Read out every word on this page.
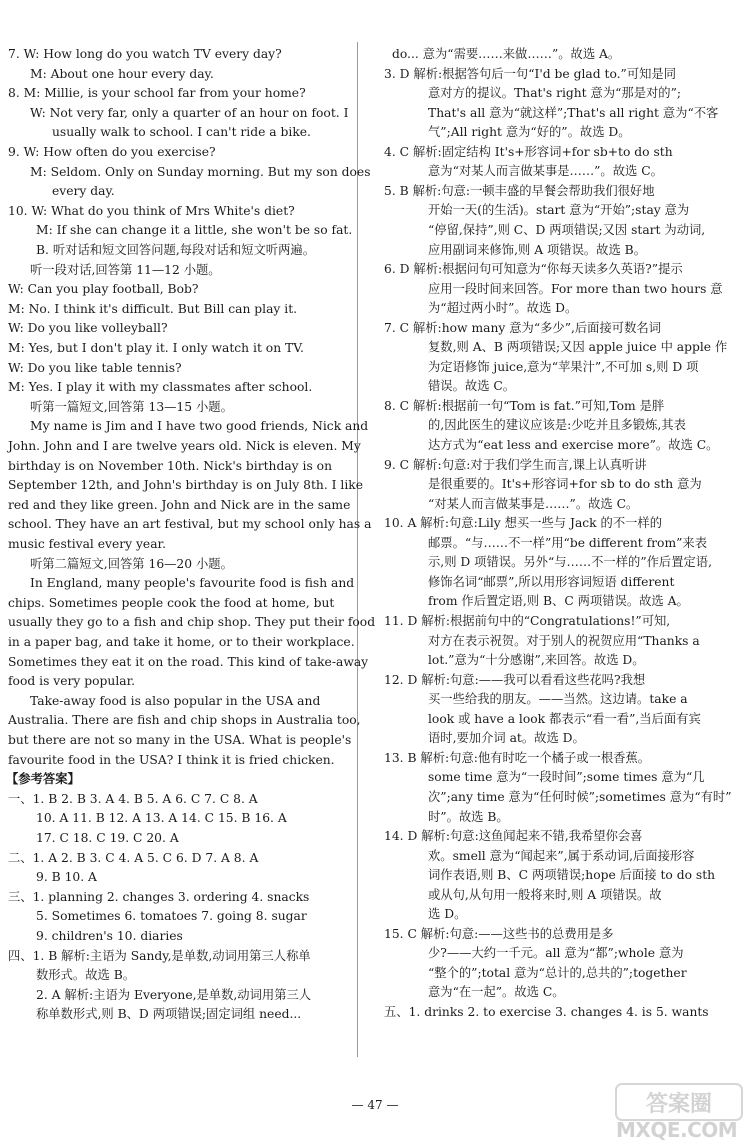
7. W: How long do you watch TV every day?
M: About one hour every day.
8. M: Millie, is your school far from your home?
W: Not very far, only a quarter of an hour on foot. I
usually walk to school. I can't ride a bike.
9. W: How often do you exercise?
M: Seldom. Only on Sunday morning. But my son does
every day.
10. W: What do you think of Mrs White's diet?
M: If she can change it a little, she won't be so fat.
B. 听对话和短文回答问题,每段对话和短文听两遍。
听一段对话,回答第 11—12 小题。
W: Can you play football, Bob?
M: No. I think it's difficult. But Bill can play it.
W: Do you like volleyball?
M: Yes, but I don't play it. I only watch it on TV.
W: Do you like table tennis?
M: Yes. I play it with my classmates after school.
听第一篇短文,回答第 13—15 小题。
My name is Jim and I have two good friends, Nick and
John. John and I are twelve years old. Nick is eleven. My
birthday is on November 10th. Nick's birthday is on
September 12th, and John's birthday is on July 8th. I like
red and they like green. John and Nick are in the same
school. They have an art festival, but my school only has a
music festival every year.
听第二篇短文,回答第 16—20 小题。
In England, many people's favourite food is fish and
chips. Sometimes people cook the food at home, but
usually they go to a fish and chip shop. They put their food
in a paper bag, and take it home, or to their workplace.
Sometimes they eat it on the road. This kind of take-away
food is very popular.
Take-away food is also popular in the USA and
Australia. There are fish and chip shops in Australia too,
but there are not so many in the USA. What is people's
favourite food in the USA? I think it is fried chicken.
【参考答案】
一、1. B 2. B 3. A 4. B 5. A 6. C 7. C 8. A
10. A 11. B 12. A 13. A 14. C 15. B 16. A
17. C 18. C 19. C 20. A
二、1. A 2. B 3. C 4. A 5. C 6. D 7. A 8. A
9. B 10. A
三、1. planning 2. changes 3. ordering 4. snacks
5. Sometimes 6. tomatoes 7. going 8. sugar
9. children's 10. diaries
四、1. B 解析:主语为 Sandy,是单数,动词用第三人称单
数形式。故选 B。
2. A 解析:主语为 Everyone,是单数,动词用第三人
称单数形式,则 B、D 两项错误;固定词组 need...
do... 意为“需要……来做……”。故选 A。
3. D 解析:根据答句后一句“I'd be glad to.”可知是同
意对方的提议。That's right 意为“那是对的”;
That's all 意为“就这样”;That's all right 意为“不客
气”;All right 意为“好的”。故选 D。
4. C 解析:固定结构 It's+形容词+for sb+to do sth
意为“对某人而言做某事是……”。故选 C。
5. B 解析:句意:一顿丰盛的早餐会帮助我们很好地
开始一天(的生活)。start 意为“开始”;stay 意为
“停留,保持”,则 C、D 两项错误;又因 start 为动词,
应用副词来修饰,则 A 项错误。故选 B。
6. D 解析:根据问句可知意为“你每天读多久英语?”提示
应用一段时间来回答。For more than two hours 意
为“超过两小时”。故选 D。
7. C 解析:how many 意为“多少”,后面接可数名词
复数,则 A、B 两项错误;又因 apple juice 中 apple 作
为定语修饰 juice,意为“苹果汁”,不可加 s,则 D 项
错误。故选 C。
8. C 解析:根据前一句“Tom is fat.”可知,Tom 是胖
的,因此医生的建议应该是:少吃并且多锻炼,其表
达方式为“eat less and exercise more”。故选 C。
9. C 解析:句意:对于我们学生而言,课上认真听讲
是很重要的。It's+形容词+for sb to do sth 意为
“对某人而言做某事是……”。故选 C。
10. A 解析:句意:Lily 想买一些与 Jack 的不一样的
邮票。“与……不一样”用“be different from”来表
示,则 D 项错误。另外“与……不一样的”作后置定语,
修饰名词“邮票”,所以用形容词短语 different
from 作后置定语,则 B、C 两项错误。故选 A。
11. D 解析:根据前句中的“Congratulations!”可知,
对方在表示祝贺。对于别人的祝贺应用“Thanks a
lot.”意为“十分感谢”,来回答。故选 D。
12. D 解析:句意:——我可以看看这些花吗?我想
买一些给我的朋友。——当然。这边请。take a
look 或 have a look 都表示“看一看”,当后面有宾
语时,要加介词 at。故选 D。
13. B 解析:句意:他有时吃一个橘子或一根香蕉。
some time 意为“一段时间”;some times 意为“几
次”;any time 意为“任何时候”;sometimes 意为“有时”
时”。故选 B。
14. D 解析:句意:这鱼闻起来不错,我希望你会喜
欢。smell 意为“闻起来”,属于系动词,后面接形容
词作表语,则 B、C 两项错误;hope 后面接 to do sth
或从句,从句用一般将来时,则 A 项错误。故
选 D。
15. C 解析:句意:——这些书的总费用是多
少?——大约一千元。all 意为“都”;whole 意为
“整个的”;total 意为“总计的,总共的”;together
意为“在一起”。故选 C。
五、1. drinks 2. to exercise 3. changes 4. is 5. wants
— 47 —	答案圈
MXQE.COM
